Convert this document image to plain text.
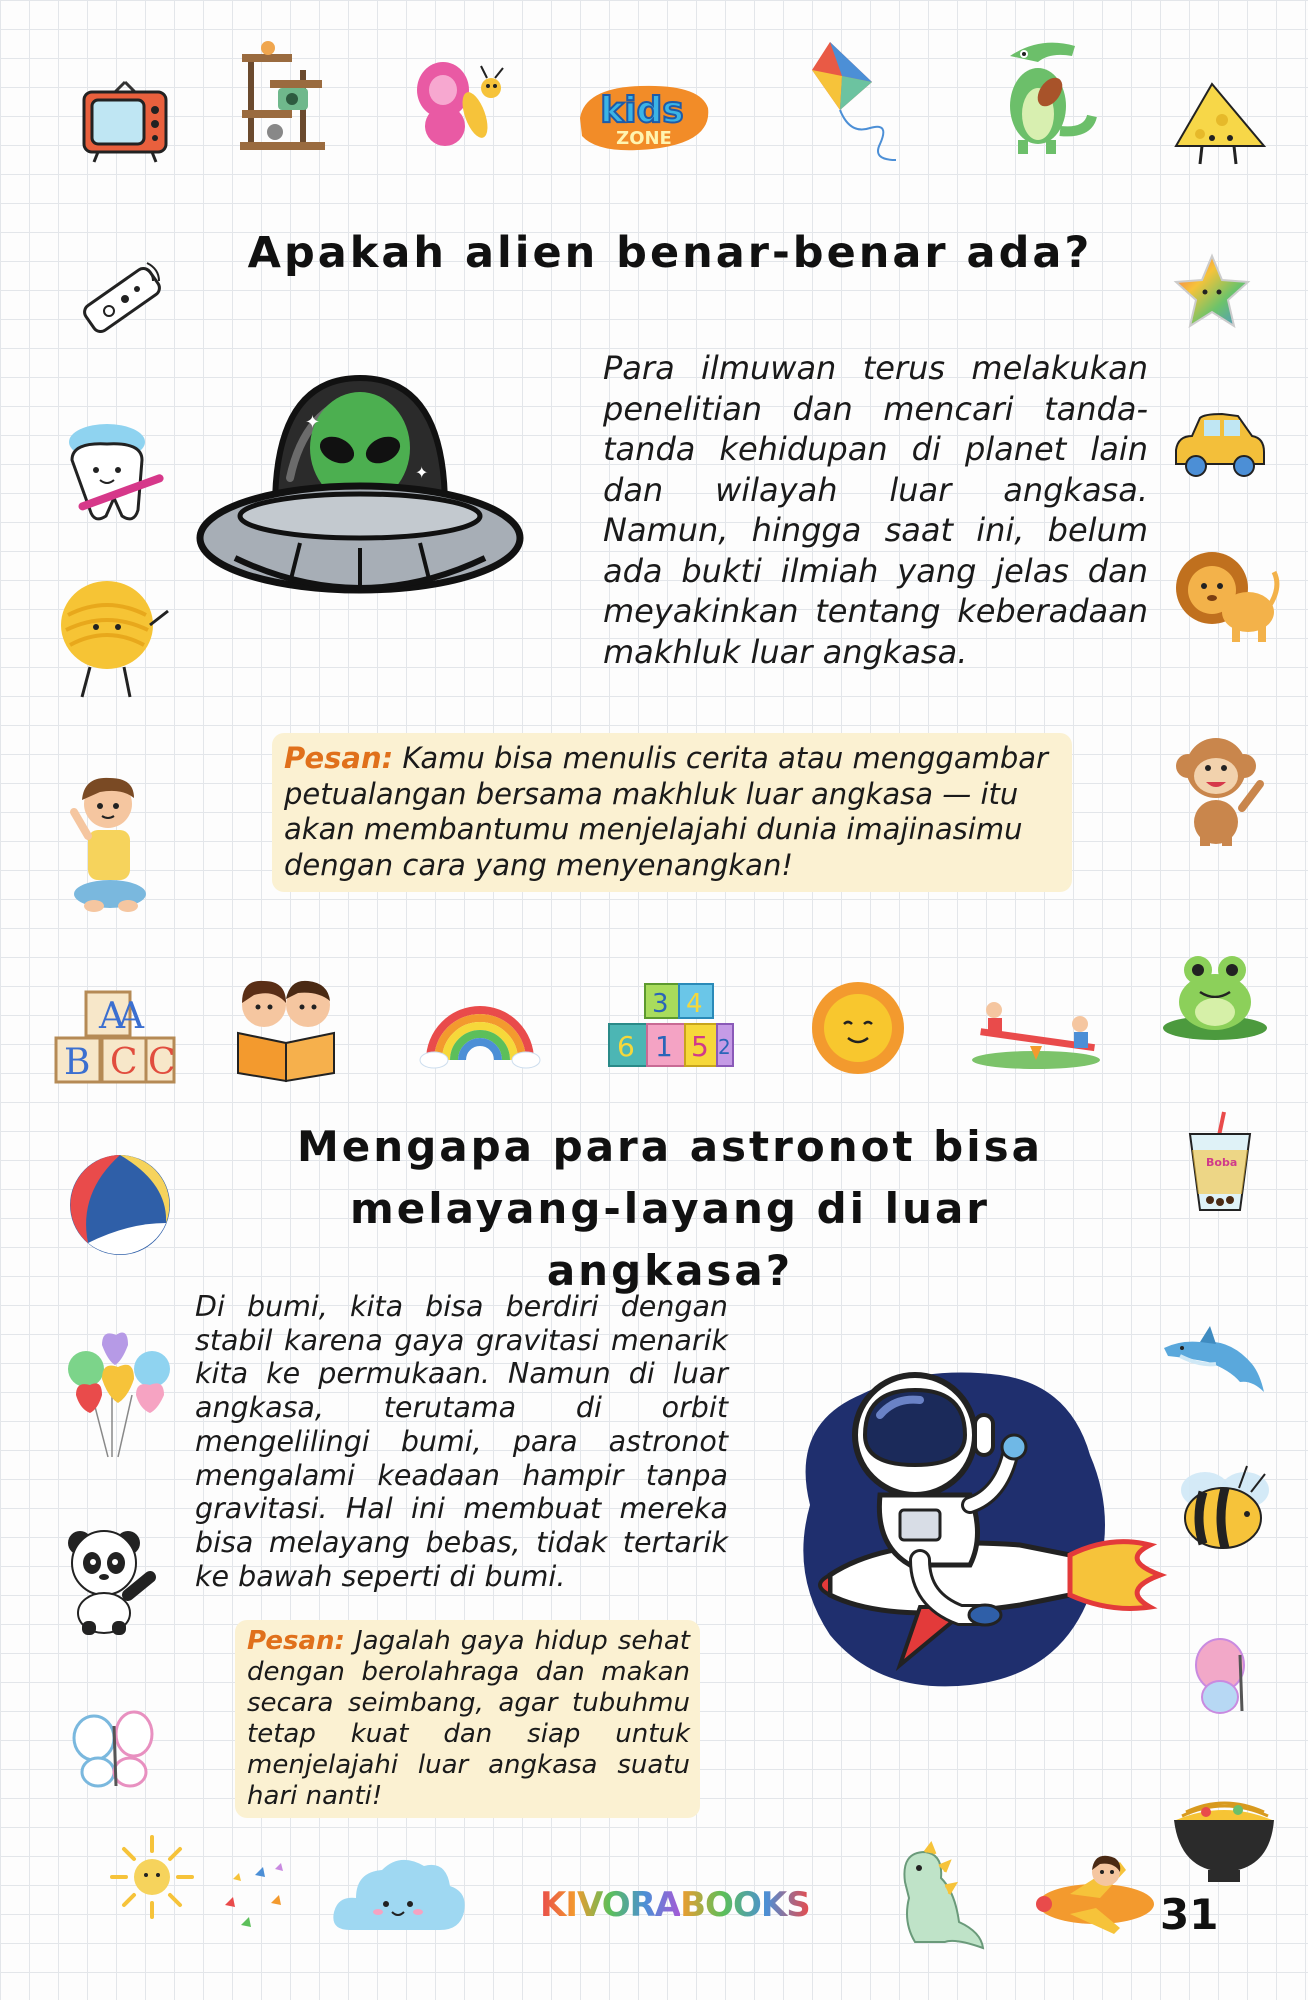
kids
ZONE
Apakah alien benar-benar ada?
✦
✦
Para ilmuwan terus melakukan penelitian dan mencari tanda-tanda kehidupan di planet lain dan wilayah luar angkasa. Namun, hingga saat ini, belum ada bukti ilmiah yang jelas dan meyakinkan tentang keberadaan makhluk luar angkasa.
Pesan: Kamu bisa menulis cerita atau menggambar petualangan bersama makhluk luar angkasa — itu akan membantumu menjelajahi dunia imajinasimu dengan cara yang menyenangkan!
A
A
B C C
3 4
6 1 5 2
Mengapa para astronot bisa melayang-layang di luar angkasa?
Boba
Di bumi, kita bisa berdiri dengan stabil karena gaya gravitasi menarik kita ke permukaan. Namun di luar angkasa, terutama di orbit mengelilingi bumi, para astronot mengalami keadaan hampir tanpa gravitasi. Hal ini membuat mereka bisa melayang bebas, tidak tertarik ke bawah seperti di bumi.
Pesan: Jagalah gaya hidup sehat dengan berolahraga dan makan secara seimbang, agar tubuhmu tetap kuat dan siap untuk menjelajahi luar angkasa suatu hari nanti!
KIVORABOOKS	31
